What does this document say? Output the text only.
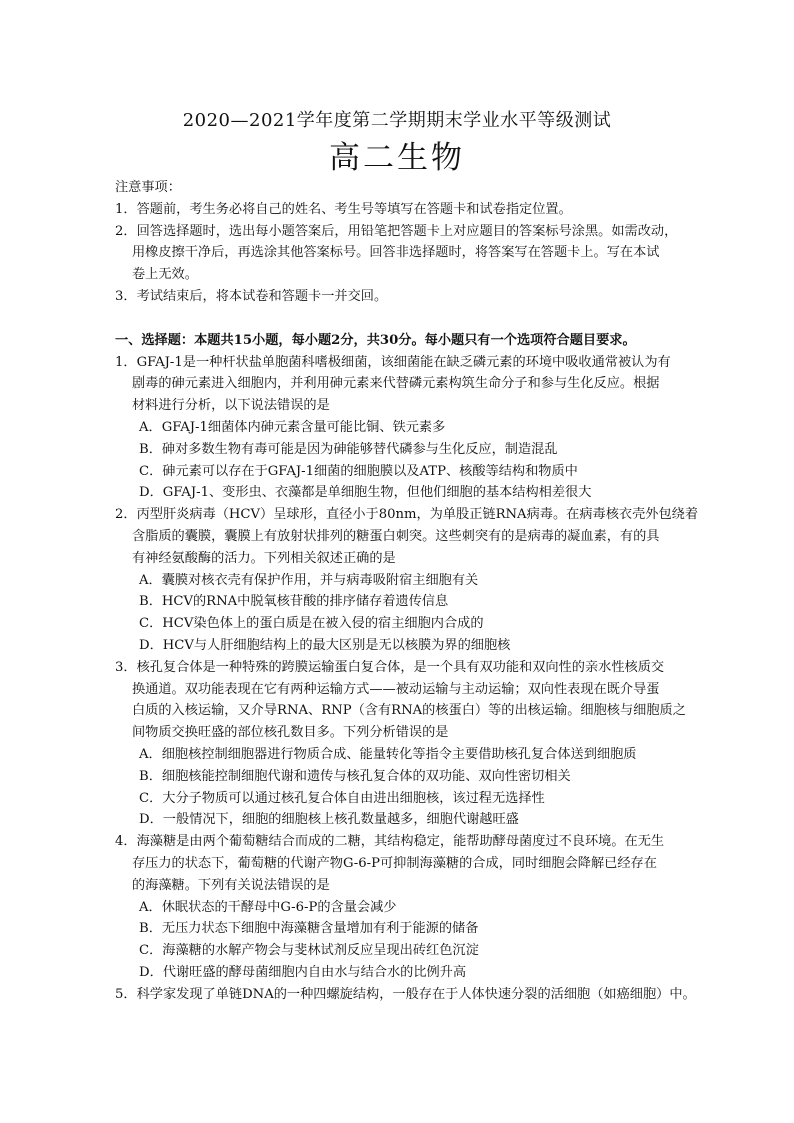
2020—2021学年度第二学期期末学业水平等级测试
高二生物
注意事项：
1．答题前，考生务必将自己的姓名、考生号等填写在答题卡和试卷指定位置。
2．回答选择题时，选出每小题答案后，用铅笔把答题卡上对应题目的答案标号涂黑。如需改动，
用橡皮擦干净后，再选涂其他答案标号。回答非选择题时，将答案写在答题卡上。写在本试
卷上无效。
3．考试结束后，将本试卷和答题卡一并交回。
一、选择题：本题共15小题，每小题2分，共30分。每小题只有一个选项符合题目要求。
1．GFAJ-1是一种杆状盐单胞菌科嗜极细菌，该细菌能在缺乏磷元素的环境中吸收通常被认为有
剧毒的砷元素进入细胞内，并利用砷元素来代替磷元素构筑生命分子和参与生化反应。根据
材料进行分析，以下说法错误的是
A．GFAJ-1细菌体内砷元素含量可能比铜、铁元素多
B．砷对多数生物有毒可能是因为砷能够替代磷参与生化反应，制造混乱
C．砷元素可以存在于GFAJ-1细菌的细胞膜以及ATP、核酸等结构和物质中
D．GFAJ-1、变形虫、衣藻都是单细胞生物，但他们细胞的基本结构相差很大
2．丙型肝炎病毒（HCV）呈球形，直径小于80nm，为单股正链RNA病毒。在病毒核衣壳外包绕着
含脂质的囊膜，囊膜上有放射状排列的糖蛋白刺突。这些刺突有的是病毒的凝血素，有的具
有神经氨酸酶的活力。下列相关叙述正确的是
A．囊膜对核衣壳有保护作用，并与病毒吸附宿主细胞有关
B．HCV的RNA中脱氧核苷酸的排序储存着遗传信息
C．HCV染色体上的蛋白质是在被入侵的宿主细胞内合成的
D．HCV与人肝细胞结构上的最大区别是无以核膜为界的细胞核
3．核孔复合体是一种特殊的跨膜运输蛋白复合体，是一个具有双功能和双向性的亲水性核质交
换通道。双功能表现在它有两种运输方式——被动运输与主动运输；双向性表现在既介导蛋
白质的入核运输，又介导RNA、RNP（含有RNA的核蛋白）等的出核运输。细胞核与细胞质之
间物质交换旺盛的部位核孔数目多。下列分析错误的是
A．细胞核控制细胞器进行物质合成、能量转化等指令主要借助核孔复合体送到细胞质
B．细胞核能控制细胞代谢和遗传与核孔复合体的双功能、双向性密切相关
C．大分子物质可以通过核孔复合体自由进出细胞核，该过程无选择性
D．一般情况下，细胞的细胞核上核孔数量越多，细胞代谢越旺盛
4．海藻糖是由两个葡萄糖结合而成的二糖，其结构稳定，能帮助酵母菌度过不良环境。在无生
存压力的状态下，葡萄糖的代谢产物G-6-P可抑制海藻糖的合成，同时细胞会降解已经存在
的海藻糖。下列有关说法错误的是
A．休眠状态的干酵母中G-6-P的含量会减少
B．无压力状态下细胞中海藻糖含量增加有利于能源的储备
C．海藻糖的水解产物会与斐林试剂反应呈现出砖红色沉淀
D．代谢旺盛的酵母菌细胞内自由水与结合水的比例升高
5．科学家发现了单链DNA的一种四螺旋结构，一般存在于人体快速分裂的活细胞（如癌细胞）中。
